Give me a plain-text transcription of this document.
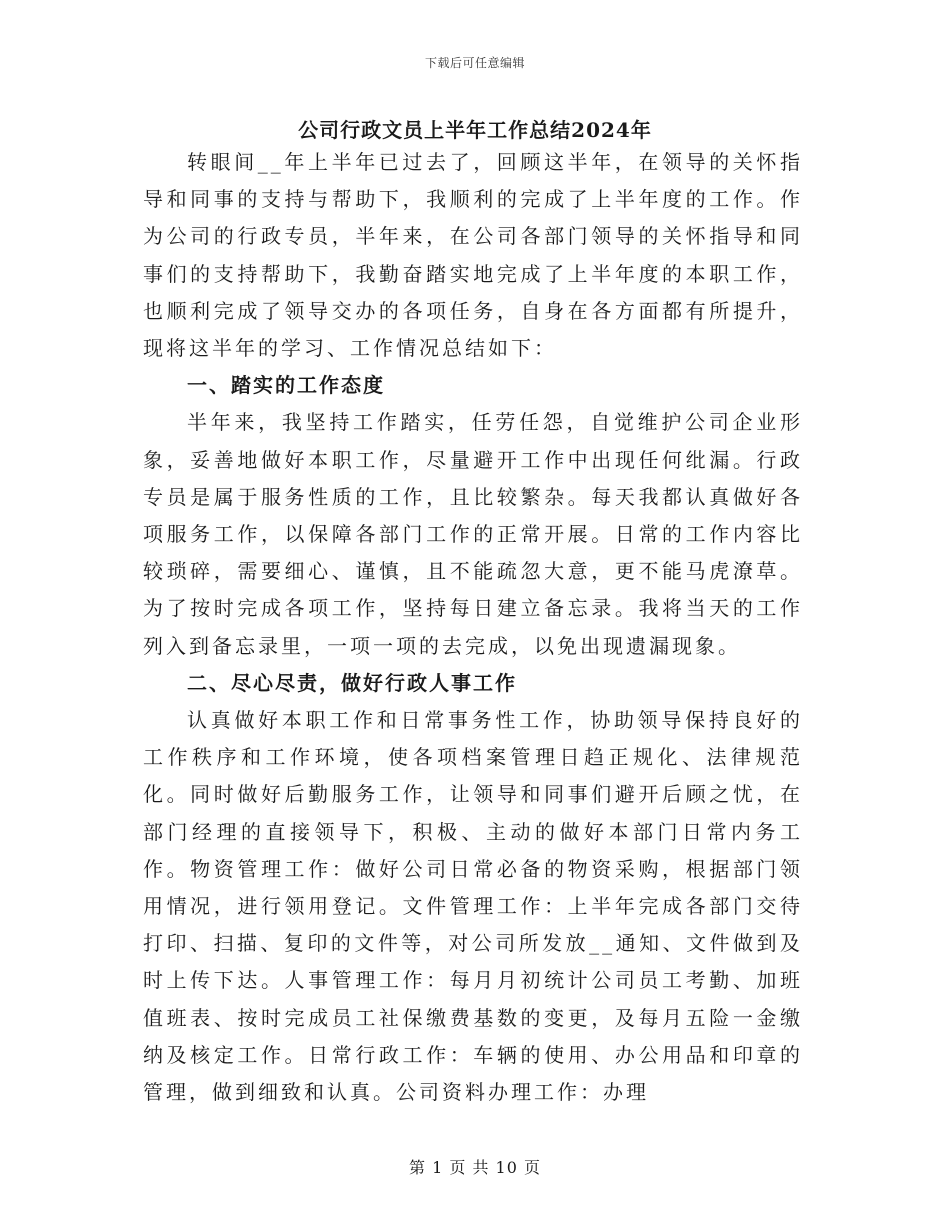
下载后可任意编辑
公司行政文员上半年工作总结2024年

转眼间__年上半年已过去了，回顾这半年，在领导的关怀指导和同事的支持与帮助下，我顺利的完成了上半年度的工作。作为公司的行政专员，半年来，在公司各部门领导的关怀指导和同事们的支持帮助下，我勤奋踏实地完成了上半年度的本职工作，也顺利完成了领导交办的各项任务，自身在各方面都有所提升，现将这半年的学习、工作情况总结如下：

一、踏实的工作态度

半年来，我坚持工作踏实，任劳任怨，自觉维护公司企业形象，妥善地做好本职工作，尽量避开工作中出现任何纰漏。行政专员是属于服务性质的工作，且比较繁杂。每天我都认真做好各项服务工作，以保障各部门工作的正常开展。日常的工作内容比较琐碎，需要细心、谨慎，且不能疏忽大意，更不能马虎潦草。为了按时完成各项工作，坚持每日建立备忘录。我将当天的工作列入到备忘录里，一项一项的去完成，以免出现遗漏现象。

二、尽心尽责，做好行政人事工作

认真做好本职工作和日常事务性工作，协助领导保持良好的工作秩序和工作环境，使各项档案管理日趋正规化、法律规范化。同时做好后勤服务工作，让领导和同事们避开后顾之忧，在部门经理的直接领导下，积极、主动的做好本部门日常内务工作。物资管理工作：做好公司日常必备的物资采购，根据部门领用情况，进行领用登记。文件管理工作：上半年完成各部门交待打印、扫描、复印的文件等，对公司所发放__通知、文件做到及时上传下达。人事管理工作：每月月初统计公司员工考勤、加班值班表、按时完成员工社保缴费基数的变更，及每月五险一金缴纳及核定工作。日常行政工作：车辆的使用、办公用品和印章的管理，做到细致和认真。公司资料办理工作：办理

第 1 页 共 10 页
